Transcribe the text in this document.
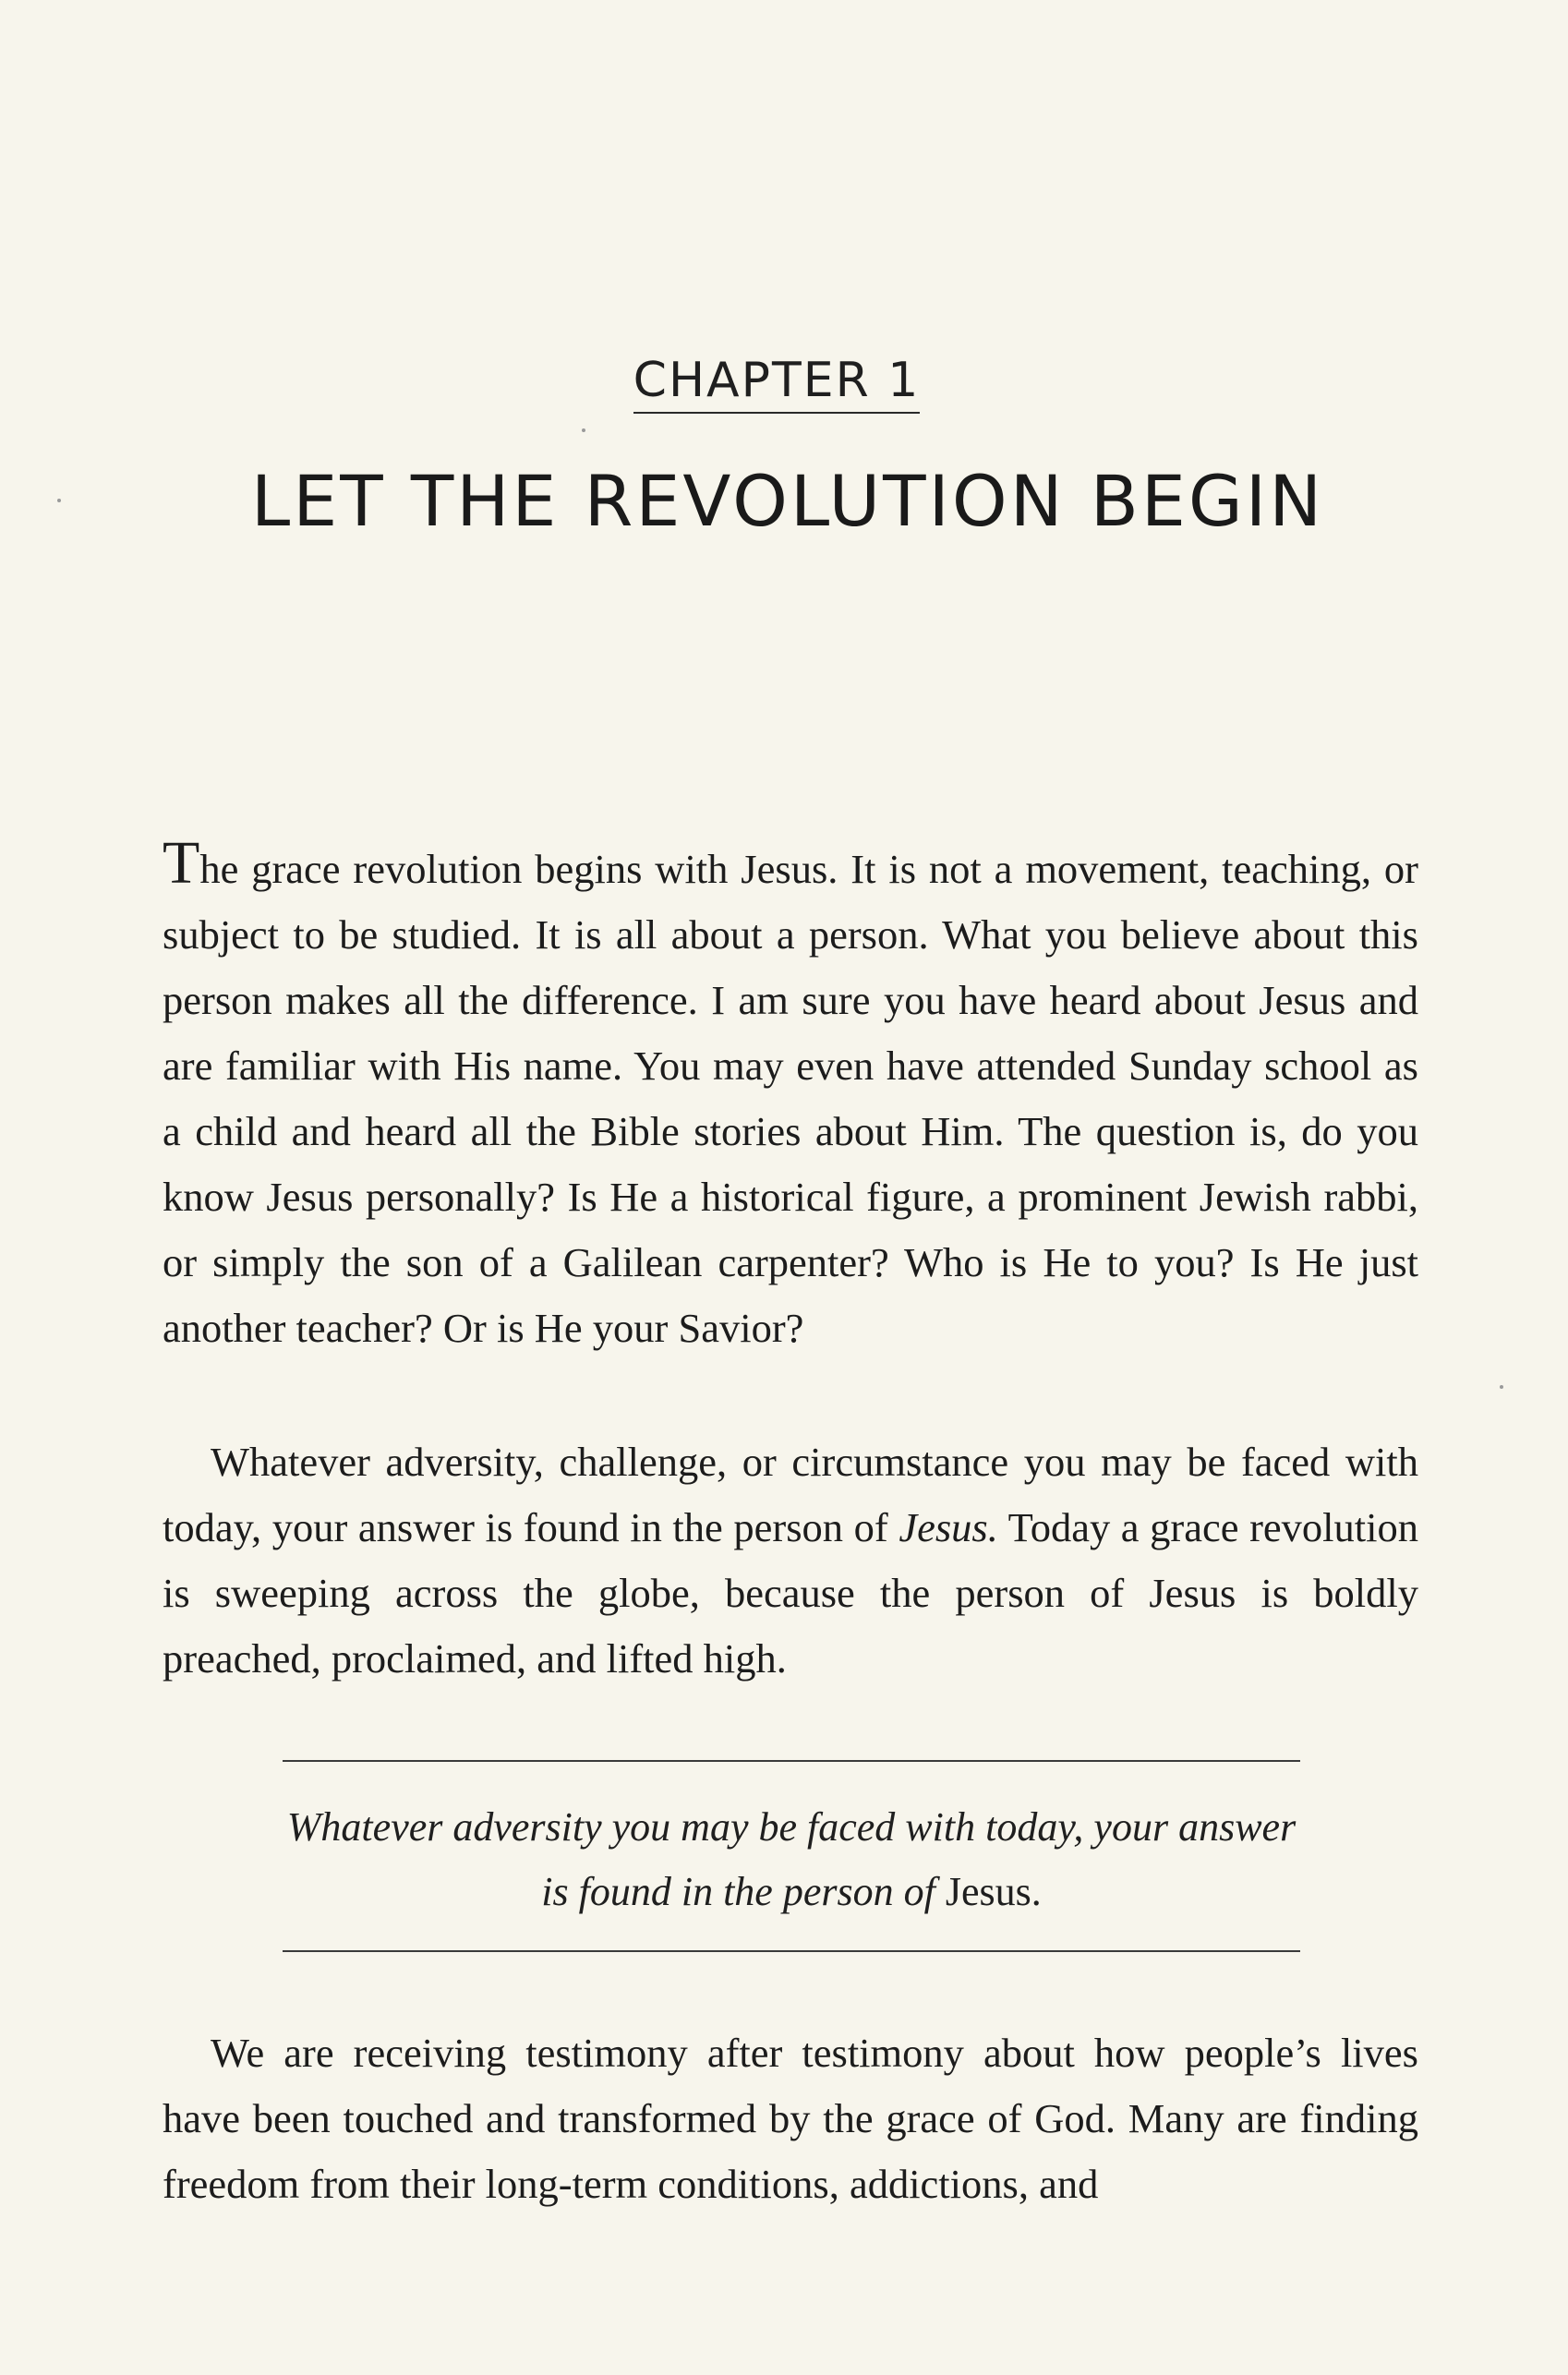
CHAPTER 1
LET THE REVOLUTION BEGIN

The grace revolution begins with Jesus. It is not a movement, teaching, or subject to be studied. It is all about a person. What you believe about this person makes all the difference. I am sure you have heard about Jesus and are familiar with His name. You may even have attended Sunday school as a child and heard all the Bible stories about Him. The question is, do you know Jesus personally? Is He a historical figure, a prominent Jewish rabbi, or simply the son of a Galilean carpenter? Who is He to you? Is He just another teacher? Or is He your Savior?

Whatever adversity, challenge, or circumstance you may be faced with today, your answer is found in the person of Jesus. Today a grace revolution is sweeping across the globe, because the person of Jesus is boldly preached, proclaimed, and lifted high.

Whatever adversity you may be faced with today, your answer is found in the person of Jesus.

We are receiving testimony after testimony about how people’s lives have been touched and transformed by the grace of God. Many are finding freedom from their long-term conditions, addictions, and
